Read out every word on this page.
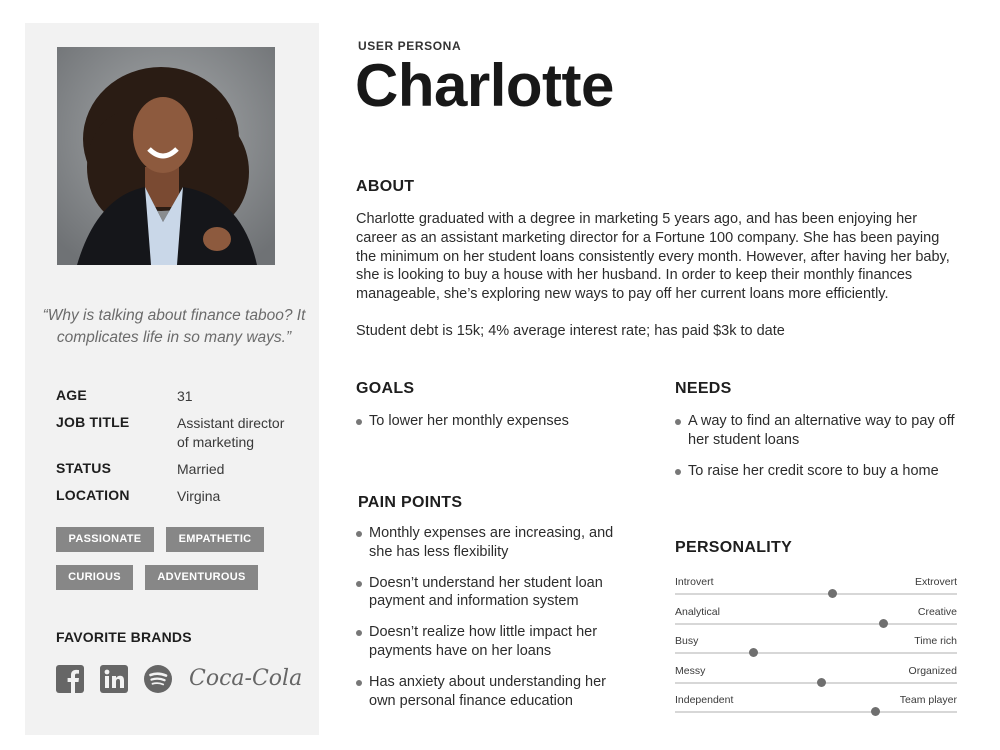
“Why is talking about finance taboo? It complicates life in so many ways.”
AGE	31
JOB TITLE	Assistant director of marketing
STATUS	Married
LOCATION	Virgina
PASSIONATE	EMPATHETIC
CURIOUS	ADVENTUROUS
FAVORITE BRANDS
Coca-Cola
USER PERSONA
Charlotte
ABOUT
Charlotte graduated with a degree in marketing 5 years ago, and has been enjoying her career as an assistant marketing director for a Fortune 100 company. She has been paying the minimum on her student loans consistently every month. However, after having her baby, she is looking to buy a house with her husband. In order to keep their monthly finances manageable, she’s exploring new ways to pay off her current loans more efficiently.
Student debt is 15k; 4% average interest rate; has paid $3k to date
GOALS
To lower her monthly expenses
NEEDS
A way to find an alternative way to pay off her student loans
To raise her credit score to buy a home
PAIN POINTS
Monthly expenses are increasing, and she has less flexibility
Doesn’t understand her student loan payment and information system
Doesn’t realize how little impact her payments have on her loans
Has anxiety about understanding her own personal finance education
PERSONALITY
Introvert	Extrovert
Analytical	Creative
Busy	Time rich
Messy	Organized
Independent	Team player
